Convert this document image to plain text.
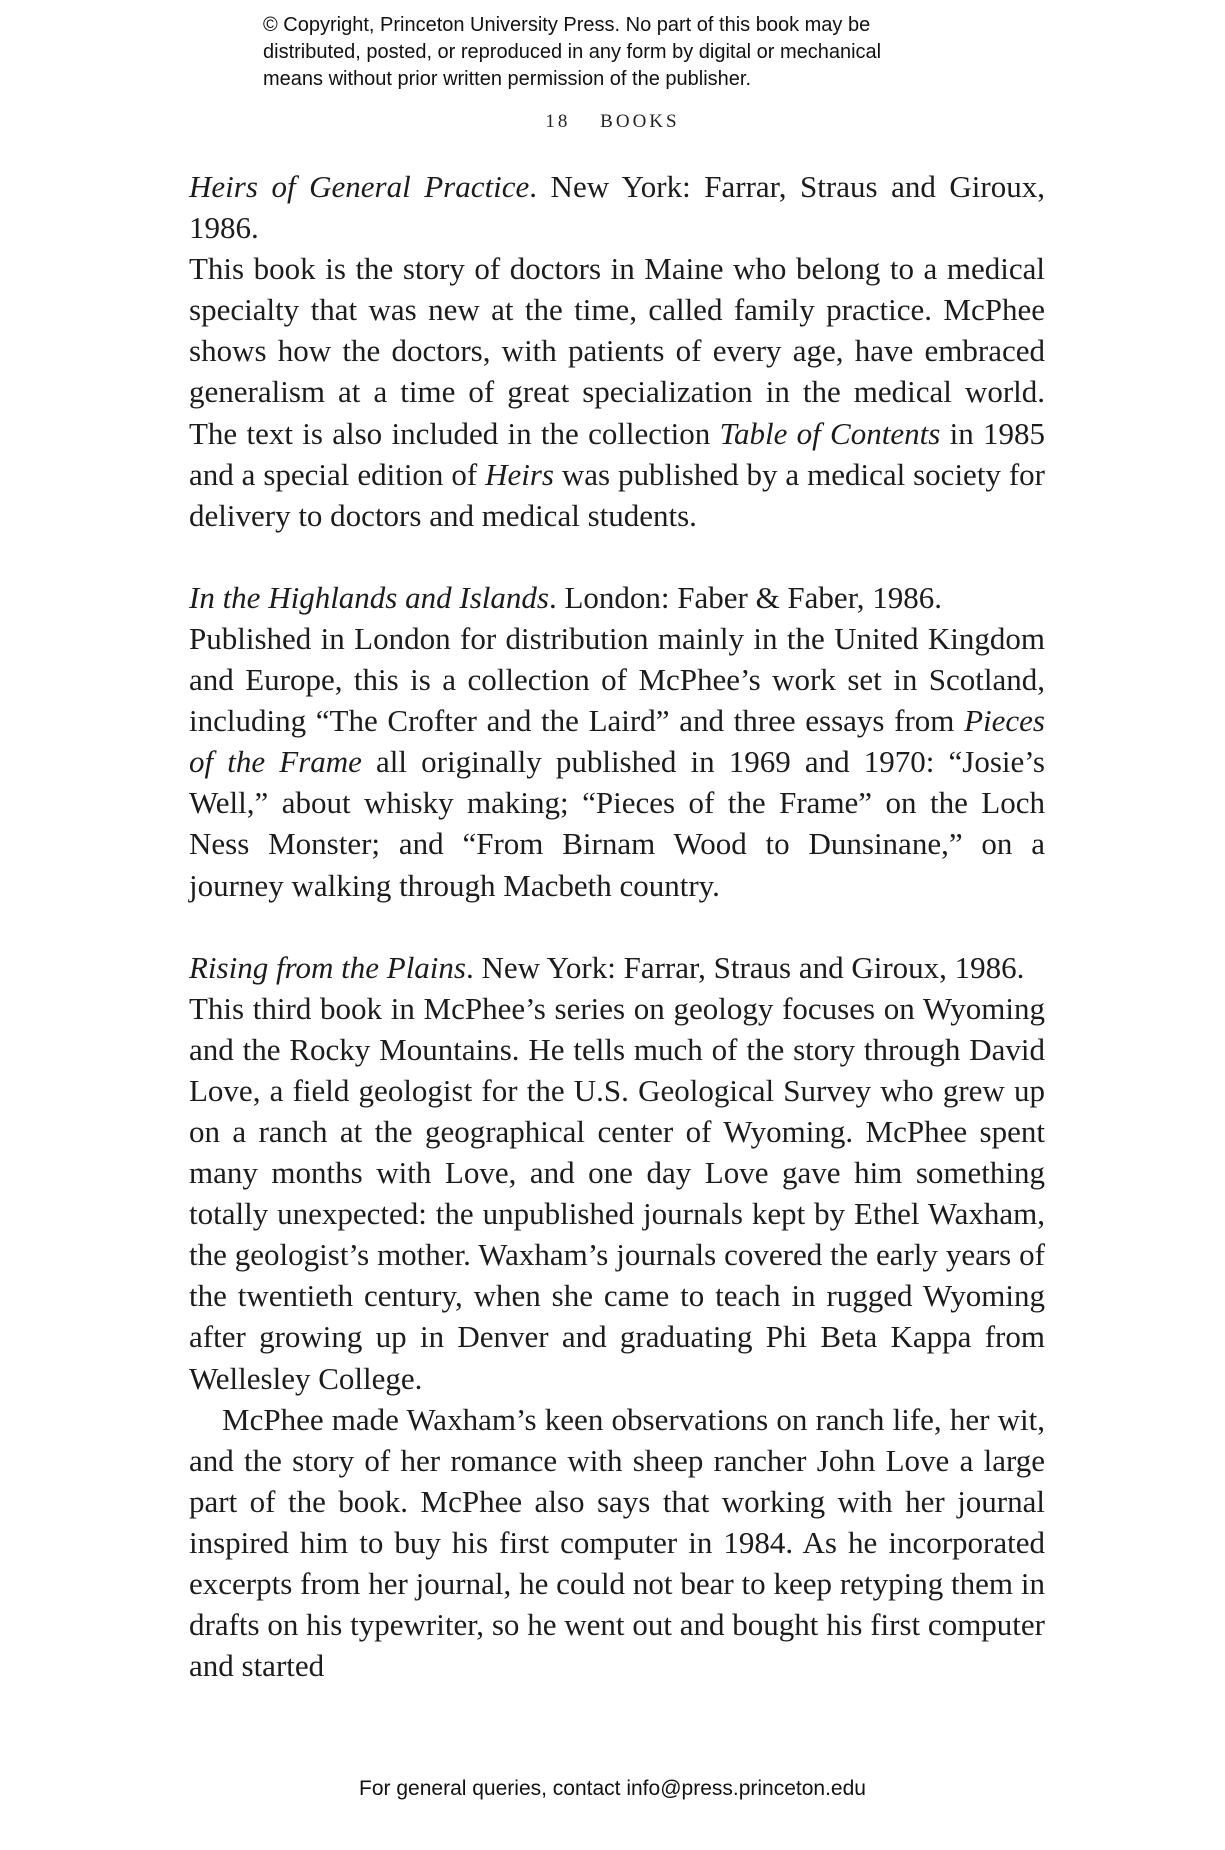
© Copyright, Princeton University Press. No part of this book may be
distributed, posted, or reproduced in any form by digital or mechanical
means without prior written permission of the publisher.
18 BOOKS

Heirs of General Practice. New York: Farrar, Straus and Giroux, 1986.

This book is the story of doctors in Maine who belong to a medical specialty that was new at the time, called family practice. McPhee shows how the doctors, with patients of every age, have embraced generalism at a time of great specialization in the medical world. The text is also included in the collection Table of Contents in 1985 and a special edition of Heirs was published by a medical society for delivery to doctors and medical students.

In the Highlands and Islands. London: Faber & Faber, 1986.

Published in London for distribution mainly in the United Kingdom and Europe, this is a collection of McPhee’s work set in Scotland, including “The Crofter and the Laird” and three essays from Pieces of the Frame all originally published in 1969 and 1970: “Josie’s Well,” about whisky making; “Pieces of the Frame” on the Loch Ness Monster; and “From Birnam Wood to Dunsinane,” on a journey walking through Macbeth country.

Rising from the Plains. New York: Farrar, Straus and Giroux, 1986.

This third book in McPhee’s series on geology focuses on Wyoming and the Rocky Mountains. He tells much of the story through David Love, a field geologist for the U.S. Geological Survey who grew up on a ranch at the geographical center of Wyoming. McPhee spent many months with Love, and one day Love gave him something totally unexpected: the unpublished journals kept by Ethel Waxham, the geologist’s mother. Waxham’s journals covered the early years of the twentieth century, when she came to teach in rugged Wyoming after growing up in Denver and graduating Phi Beta Kappa from Wellesley College.

McPhee made Waxham’s keen observations on ranch life, her wit, and the story of her romance with sheep rancher John Love a large part of the book. McPhee also says that working with her journal inspired him to buy his first computer in 1984. As he incorporated excerpts from her journal, he could not bear to keep retyping them in drafts on his typewriter, so he went out and bought his first computer and started

For general queries, contact info@press.princeton.edu
